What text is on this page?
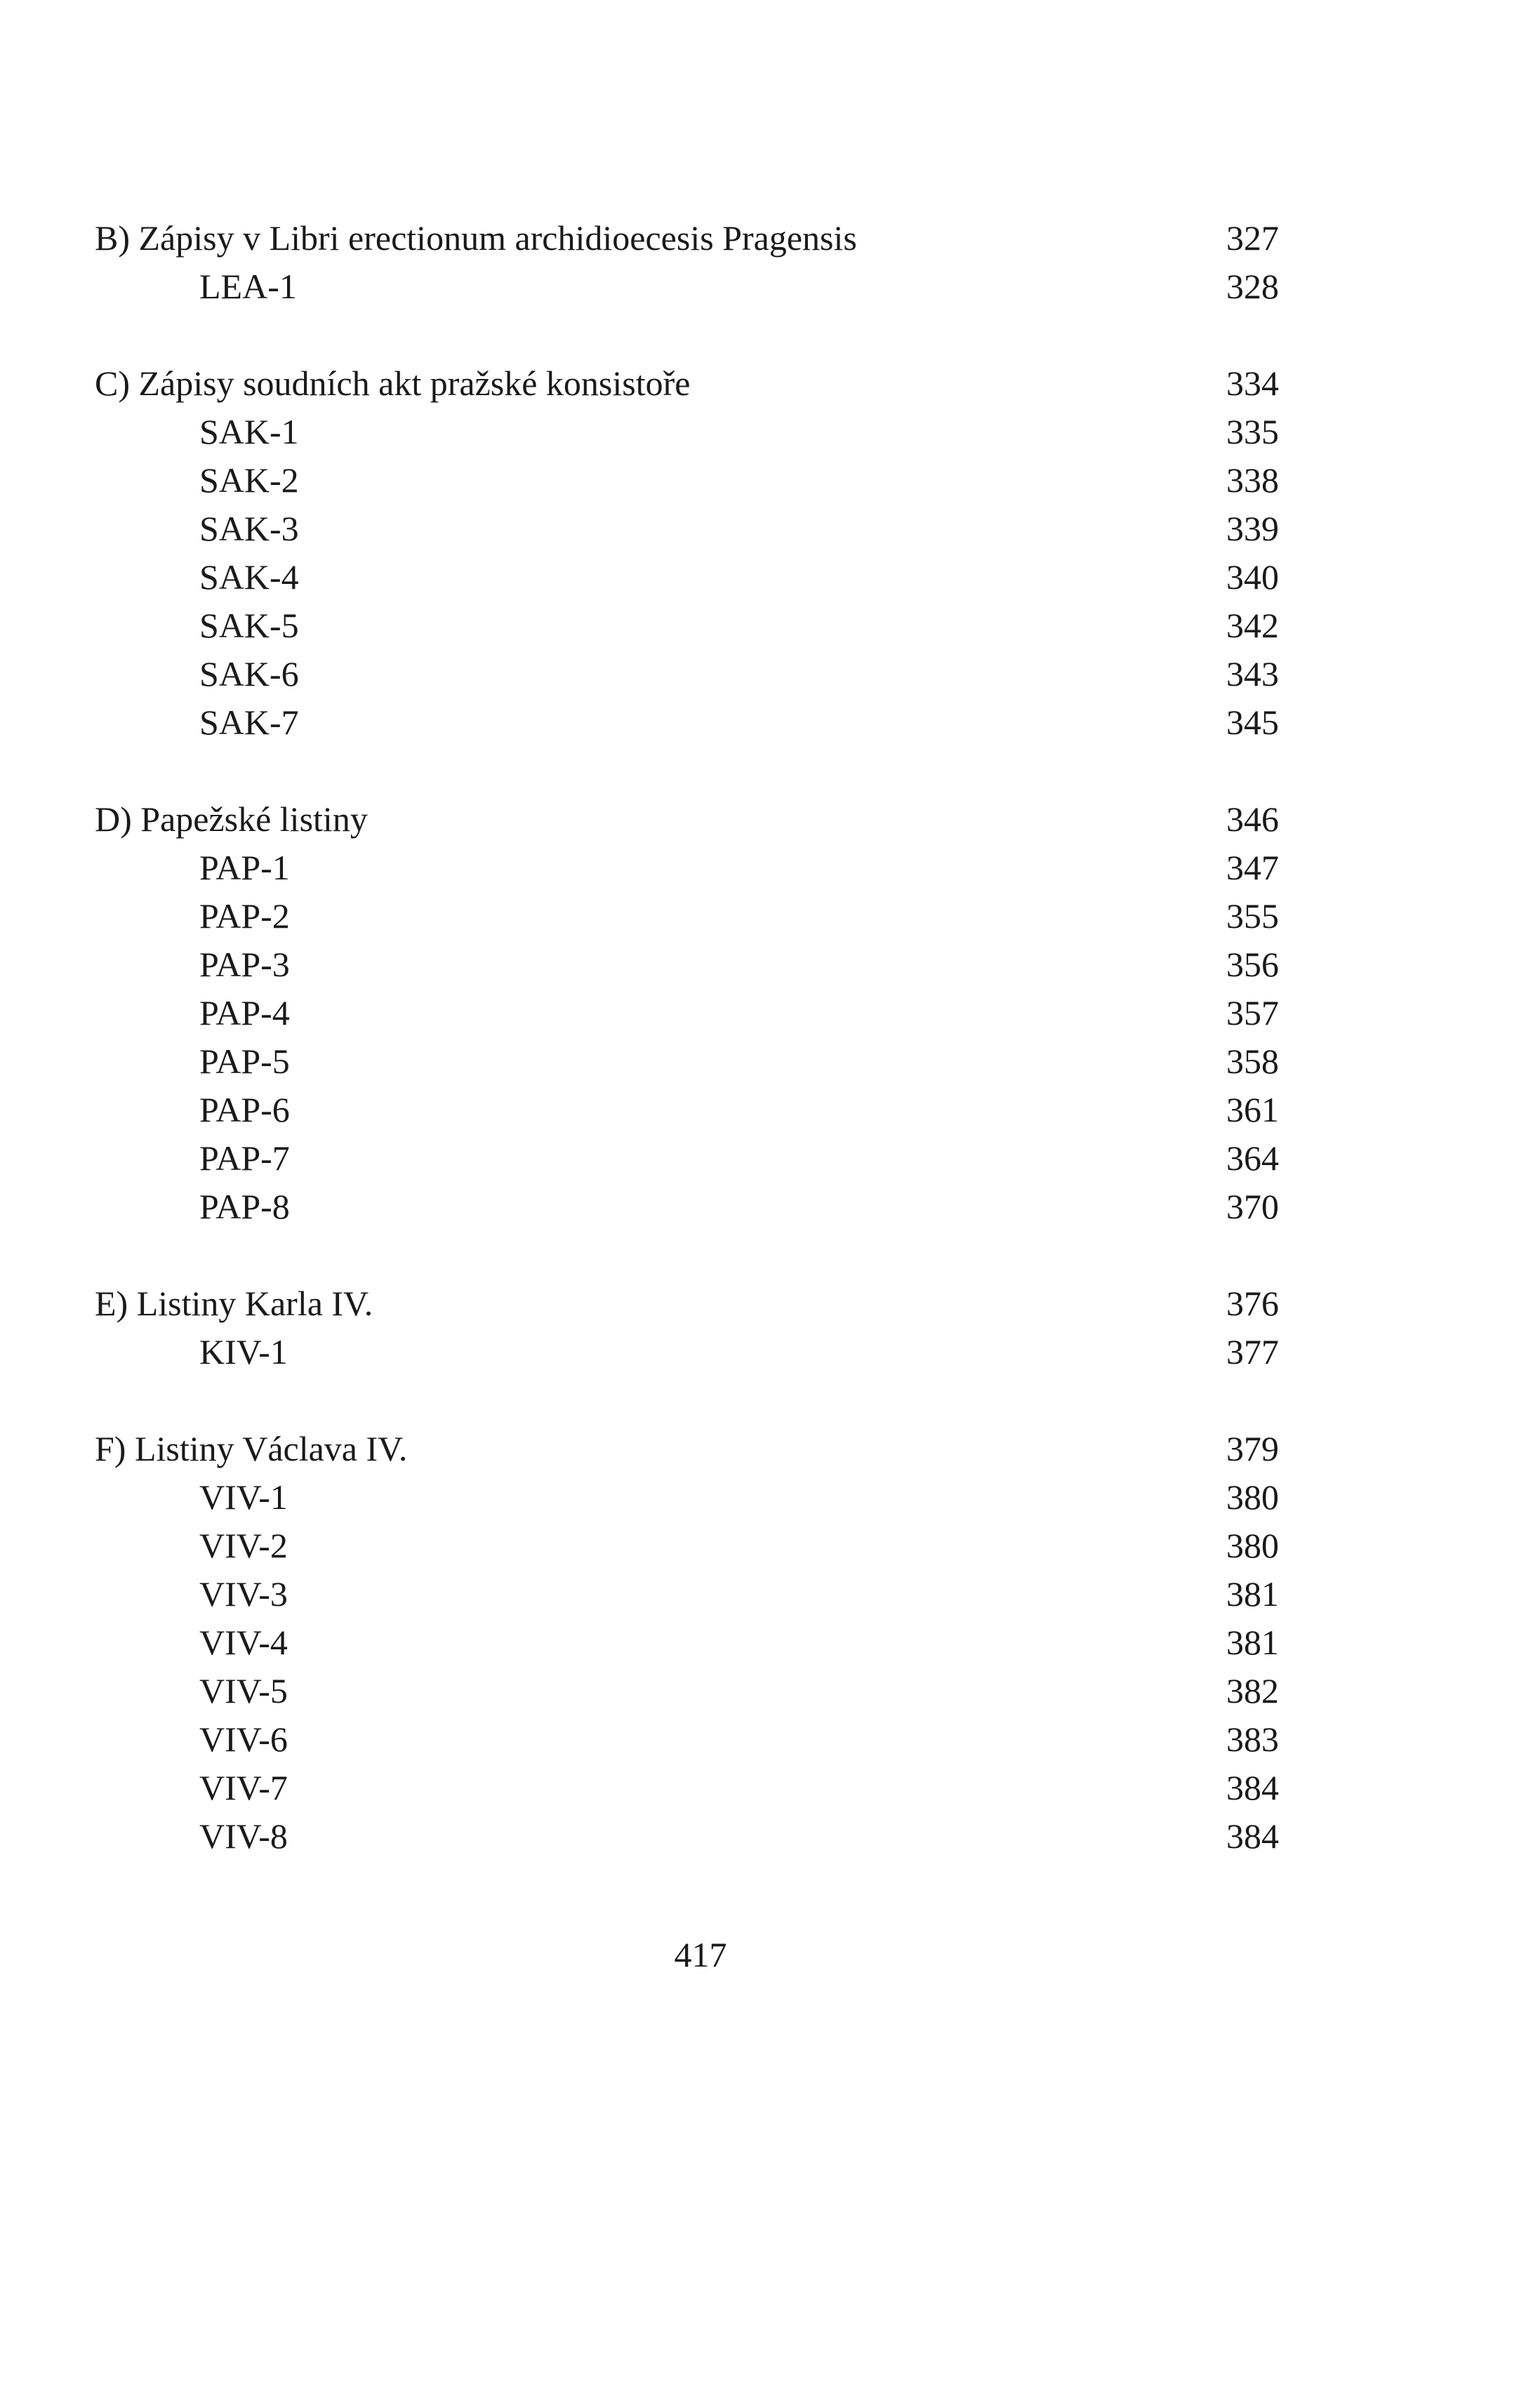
B) Zápisy v Libri erectionum archidioecesis Pragensis	327
LEA-1	328
C) Zápisy soudních akt pražské konsistoře	334
SAK-1	335
SAK-2	338
SAK-3	339
SAK-4	340
SAK-5	342
SAK-6	343
SAK-7	345
D) Papežské listiny	346
PAP-1	347
PAP-2	355
PAP-3	356
PAP-4	357
PAP-5	358
PAP-6	361
PAP-7	364
PAP-8	370
E) Listiny Karla IV.	376
KIV-1	377
F) Listiny Václava IV.	379
VIV-1	380
VIV-2	380
VIV-3	381
VIV-4	381
VIV-5	382
VIV-6	383
VIV-7	384
VIV-8	384
417
